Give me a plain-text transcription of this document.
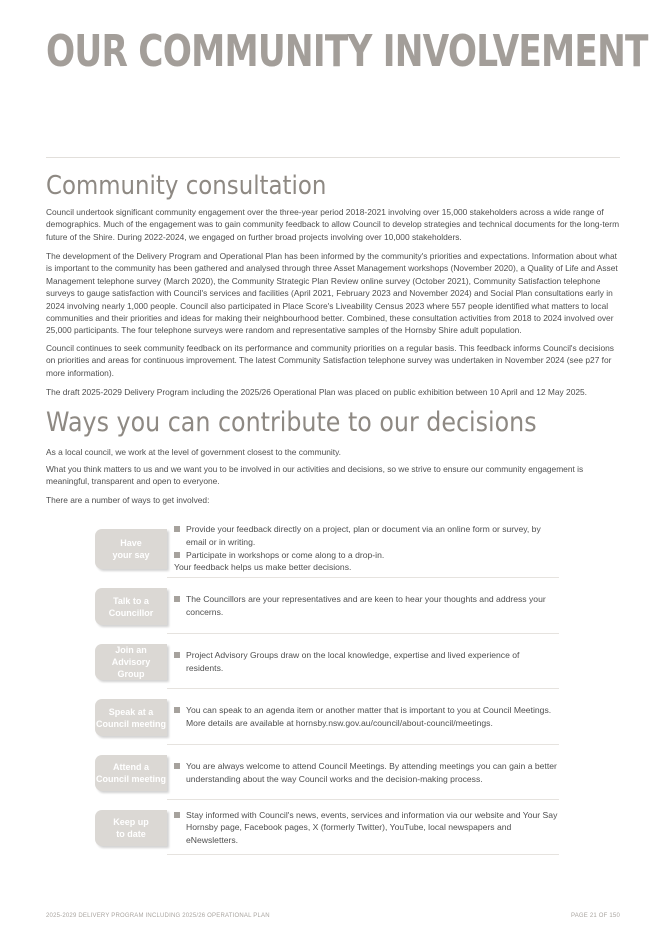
OUR COMMUNITY INVOLVEMENT
Community consultation

Council undertook significant community engagement over the three-year period 2018-2021 involving over 15,000 stakeholders across a wide range of demographics. Much of the engagement was to gain community feedback to allow Council to develop strategies and technical documents for the long-term future of the Shire. During 2022-2024, we engaged on further broad projects involving over 10,000 stakeholders.

The development of the Delivery Program and Operational Plan has been informed by the community's priorities and expectations. Information about what is important to the community has been gathered and analysed through three Asset Management workshops (November 2020), a Quality of Life and Asset Management telephone survey (March 2020), the Community Strategic Plan Review online survey (October 2021), Community Satisfaction telephone surveys to gauge satisfaction with Council's services and facilities (April 2021, February 2023 and November 2024) and Social Plan consultations early in 2024 involving nearly 1,000 people. Council also participated in Place Score's Liveability Census 2023 where 557 people identified what matters to local communities and their priorities and ideas for making their neighbourhood better. Combined, these consultation activities from 2018 to 2024 involved over 25,000 participants. The four telephone surveys were random and representative samples of the Hornsby Shire adult population.

Council continues to seek community feedback on its performance and community priorities on a regular basis. This feedback informs Council's decisions on priorities and areas for continuous improvement. The latest Community Satisfaction telephone survey was undertaken in November 2024 (see p27 for more information).

The draft 2025-2029 Delivery Program including the 2025/26 Operational Plan was placed on public exhibition between 10 April and 12 May 2025.

Ways you can contribute to our decisions

As a local council, we work at the level of government closest to the community.

What you think matters to us and we want you to be involved in our activities and decisions, so we strive to ensure our community engagement is meaningful, transparent and open to everyone.

There are a number of ways to get involved:

Have
your say
Provide your feedback directly on a project, plan or document via an online form or survey, by email or in writing.
Participate in workshops or come along to a drop-in.
Your feedback helps us make better decisions.
Talk to a
Councillor
The Councillors are your representatives and are keen to hear your thoughts and address your concerns.
Join an Advisory
Group
Project Advisory Groups draw on the local knowledge, expertise and lived experience of residents.
Speak at a
Council meeting
You can speak to an agenda item or another matter that is important to you at Council Meetings.
More details are available at hornsby.nsw.gov.au/council/about-council/meetings.
Attend a
Council meeting
You are always welcome to attend Council Meetings. By attending meetings you can gain a better understanding about the way Council works and the decision-making process.
Keep up
to date
Stay informed with Council's news, events, services and information via our website and Your Say Hornsby page, Facebook pages, X (formerly Twitter), YouTube, local newspapers and eNewsletters.

2025-2029 DELIVERY PROGRAM INCLUDING 2025/26 OPERATIONAL PLAN	PAGE 21 OF 150
